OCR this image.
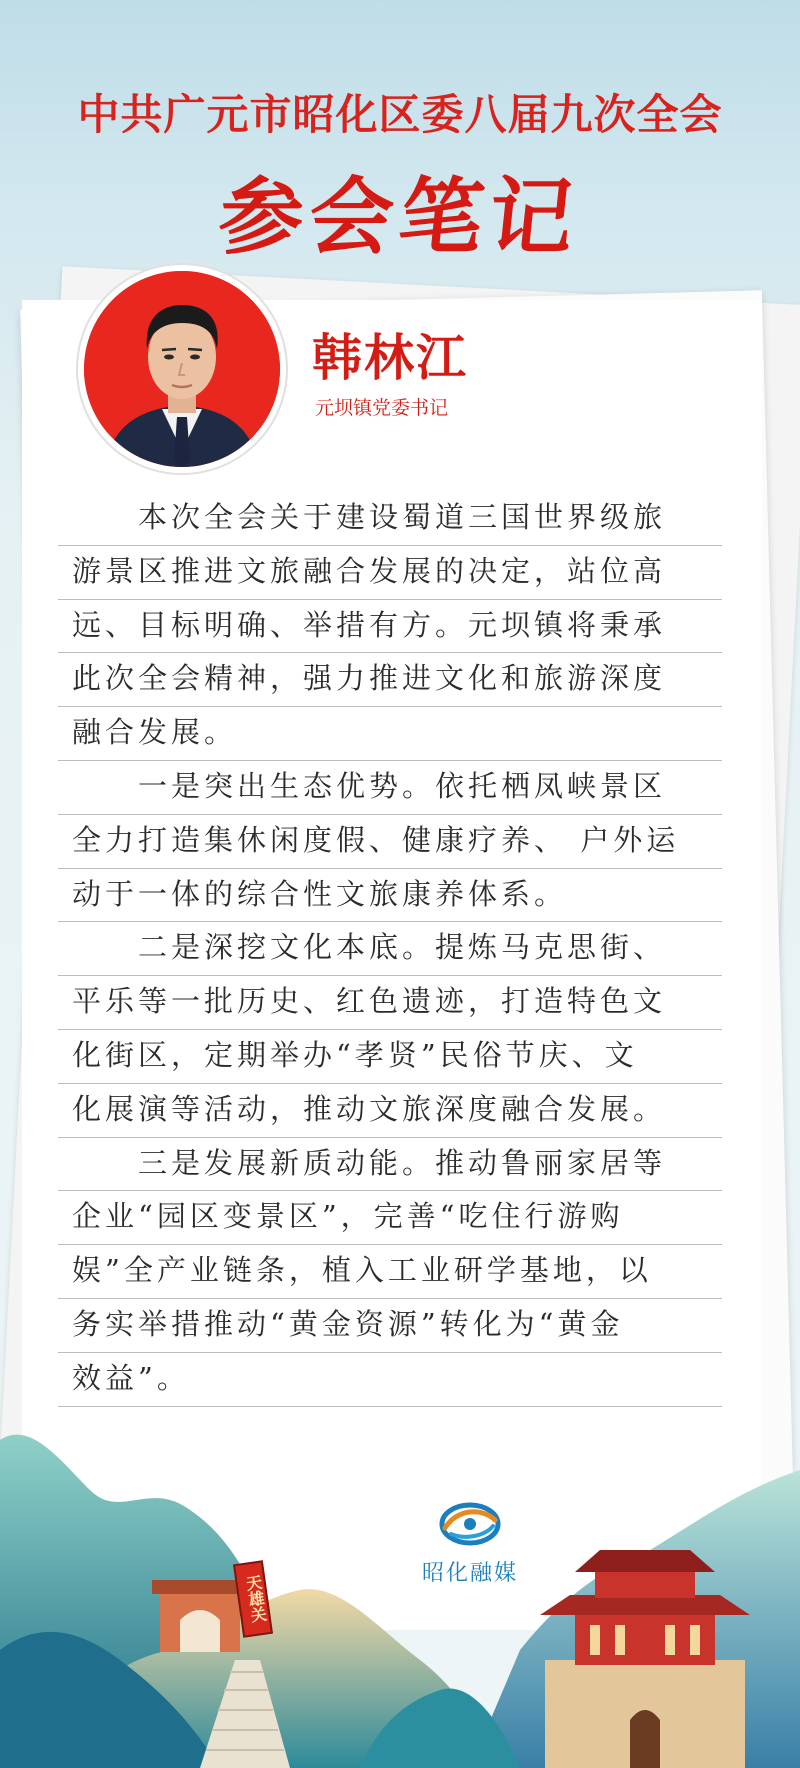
中共广元市昭化区委八届九次全会
参会笔记
韩林江
元坝镇党委书记
　　本次全会关于建设蜀道三国世界级旅
游景区推进文旅融合发展的决定，站位高
远、目标明确、举措有方。元坝镇将秉承
此次全会精神，强力推进文化和旅游深度
融合发展。
　　一是突出生态优势。依托栖凤峡景区
全力打造集休闲度假、健康疗养、 户外运
动于一体的综合性文旅康养体系。
　　二是深挖文化本底。提炼马克思街、
平乐等一批历史、红色遗迹，打造特色文
化街区，定期举办“孝贤”民俗节庆、文
化展演等活动，推动文旅深度融合发展。
　　三是发展新质动能。推动鲁丽家居等
企业“园区变景区”，完善“吃住行游购
娱”全产业链条，植入工业研学基地，以
务实举措推动“黄金资源”转化为“黄金
效益”。
天雄关
昭化融媒
